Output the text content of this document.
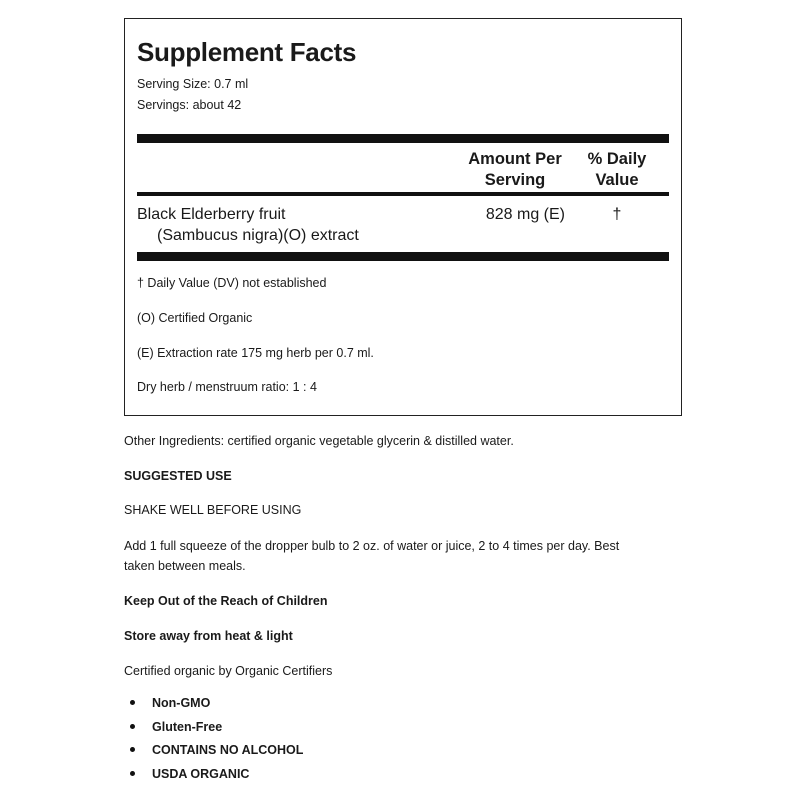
Supplement Facts
Serving Size: 0.7 ml
Servings: about 42
Amount Per
Serving
% Daily
Value
Black Elderberry fruit
(Sambucus nigra)(O) extract
828 mg (E)	†
† Daily Value (DV) not established
(O) Certified Organic
(E) Extraction rate 175 mg herb per 0.7 ml.
Dry herb / menstruum ratio: 1 : 4
Other Ingredients: certified organic vegetable glycerin & distilled water.
SUGGESTED USE
SHAKE WELL BEFORE USING
Add 1 full squeeze of the dropper bulb to 2 oz. of water or juice, 2 to 4 times per day. Best
taken between meals.
Keep Out of the Reach of Children
Store away from heat & light
Certified organic by Organic Certifiers
Non-GMO
Gluten-Free
CONTAINS NO ALCOHOL
USDA ORGANIC
